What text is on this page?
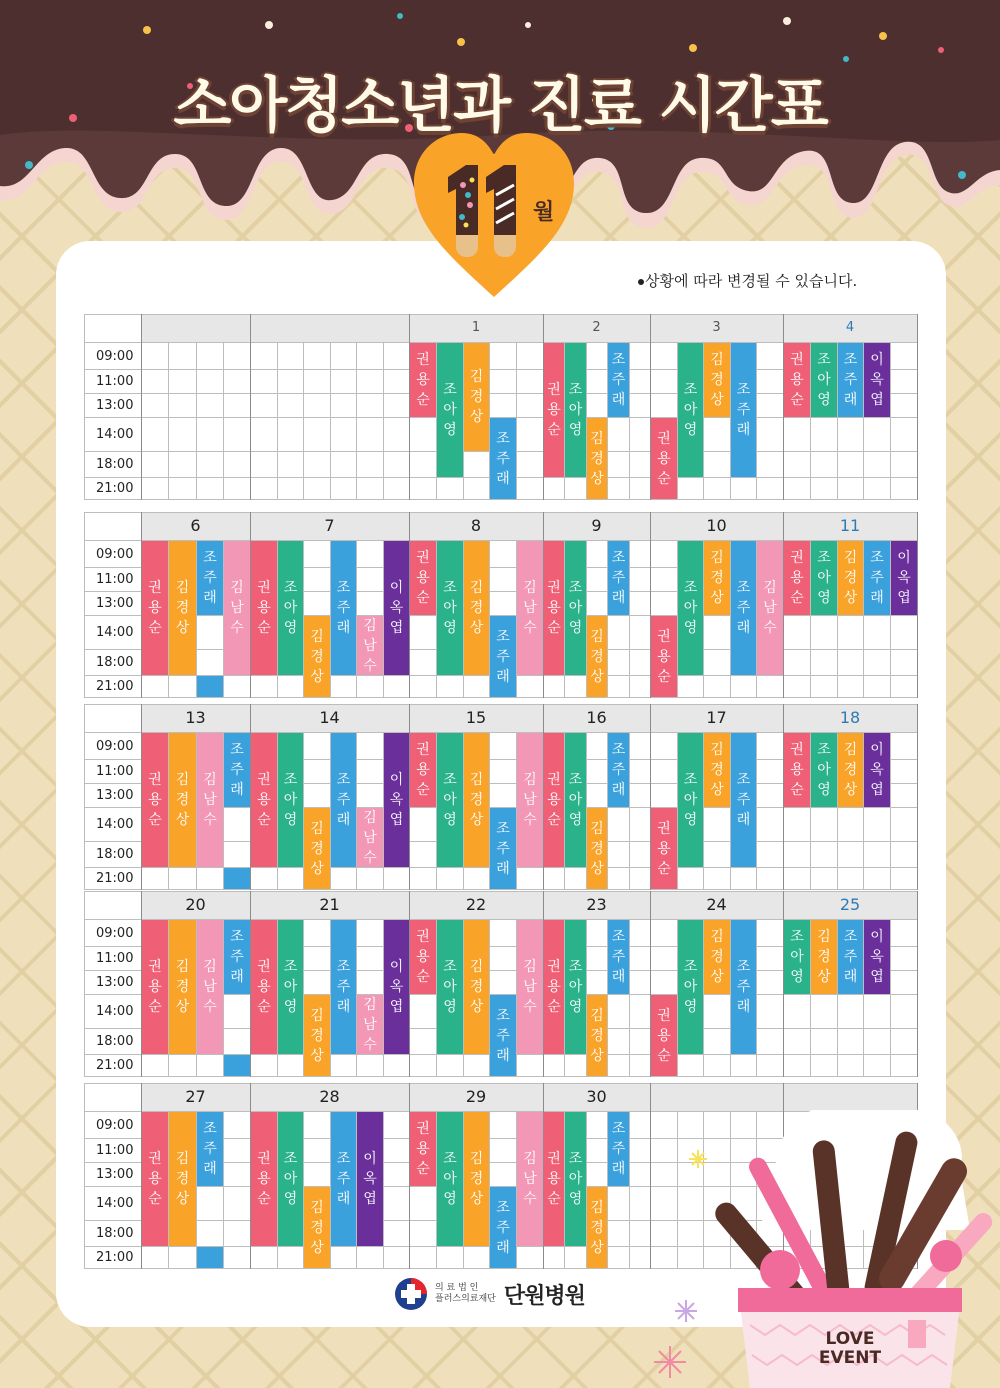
소아청소년과 진료 시간표
월
상황에 따라 변경될 수 있습니다.
09:00
11:00
13:00
14:00
18:00
21:00
1
권
용
순
조
아
영
김
경
상
조
주
래
2
권
용
순
조
아
영
김
경
상
조
주
래
3
권
용
순
조
아
영
김
경
상
조
주
래
4
권
용
순
조
아
영
조
주
래
이
옥
엽
09:00
11:00
13:00
14:00
18:00
21:00
6
권
용
순
김
경
상
조
주
래
김
남
수
7
권
용
순
조
아
영
김
경
상
조
주
래 김
남
수
이
옥
엽
8
권
용
순
조
아
영
김
경
상
조
주
래
김
남
수
9
권
용
순
조
아
영
김
경
상
조
주
래
10
권
용
순
조
아
영
김
경
상
조
주
래
김
남
수
11
권
용
순
조
아
영
김
경
상
조
주
래
이
옥
엽
09:00
11:00
13:00
14:00
18:00
21:00
13
권
용
순
김
경
상
김
남
수
조
주
래
14
권
용
순
조
아
영
김
경
상
조
주
래 김
남
수
이
옥
엽
15
권
용
순
조
아
영
김
경
상
조
주
래
김
남
수
16
권
용
순
조
아
영
김
경
상
조
주
래
17
권
용
순
조
아
영
김
경
상
조
주
래
18
권
용
순
조
아
영
김
경
상
이
옥
엽
09:00
11:00
13:00
14:00
18:00
21:00
20
권
용
순
김
경
상
김
남
수
조
주
래
21
권
용
순
조
아
영
김
경
상
조
주
래 김
남
수
이
옥
엽
22
권
용
순
조
아
영
김
경
상
조
주
래
김
남
수
23
권
용
순
조
아
영
김
경
상
조
주
래
24
권
용
순
조
아
영
김
경
상
조
주
래
25
조
아
영
김
경
상
조
주
래
이
옥
엽
09:00
11:00
13:00
14:00
18:00
21:00
27
권
용
순
김
경
상
조
주
래
28
권
용
순
조
아
영
김
경
상
조
주
래
이
옥
엽
29
권
용
순
조
아
영
김
경
상
조
주
래
김
남
수
30
권
용
순
조
아
영
김
경
상
조
주
래
의 료 법 인
플러스의료재단 단원병원
LOVE
EVENT
